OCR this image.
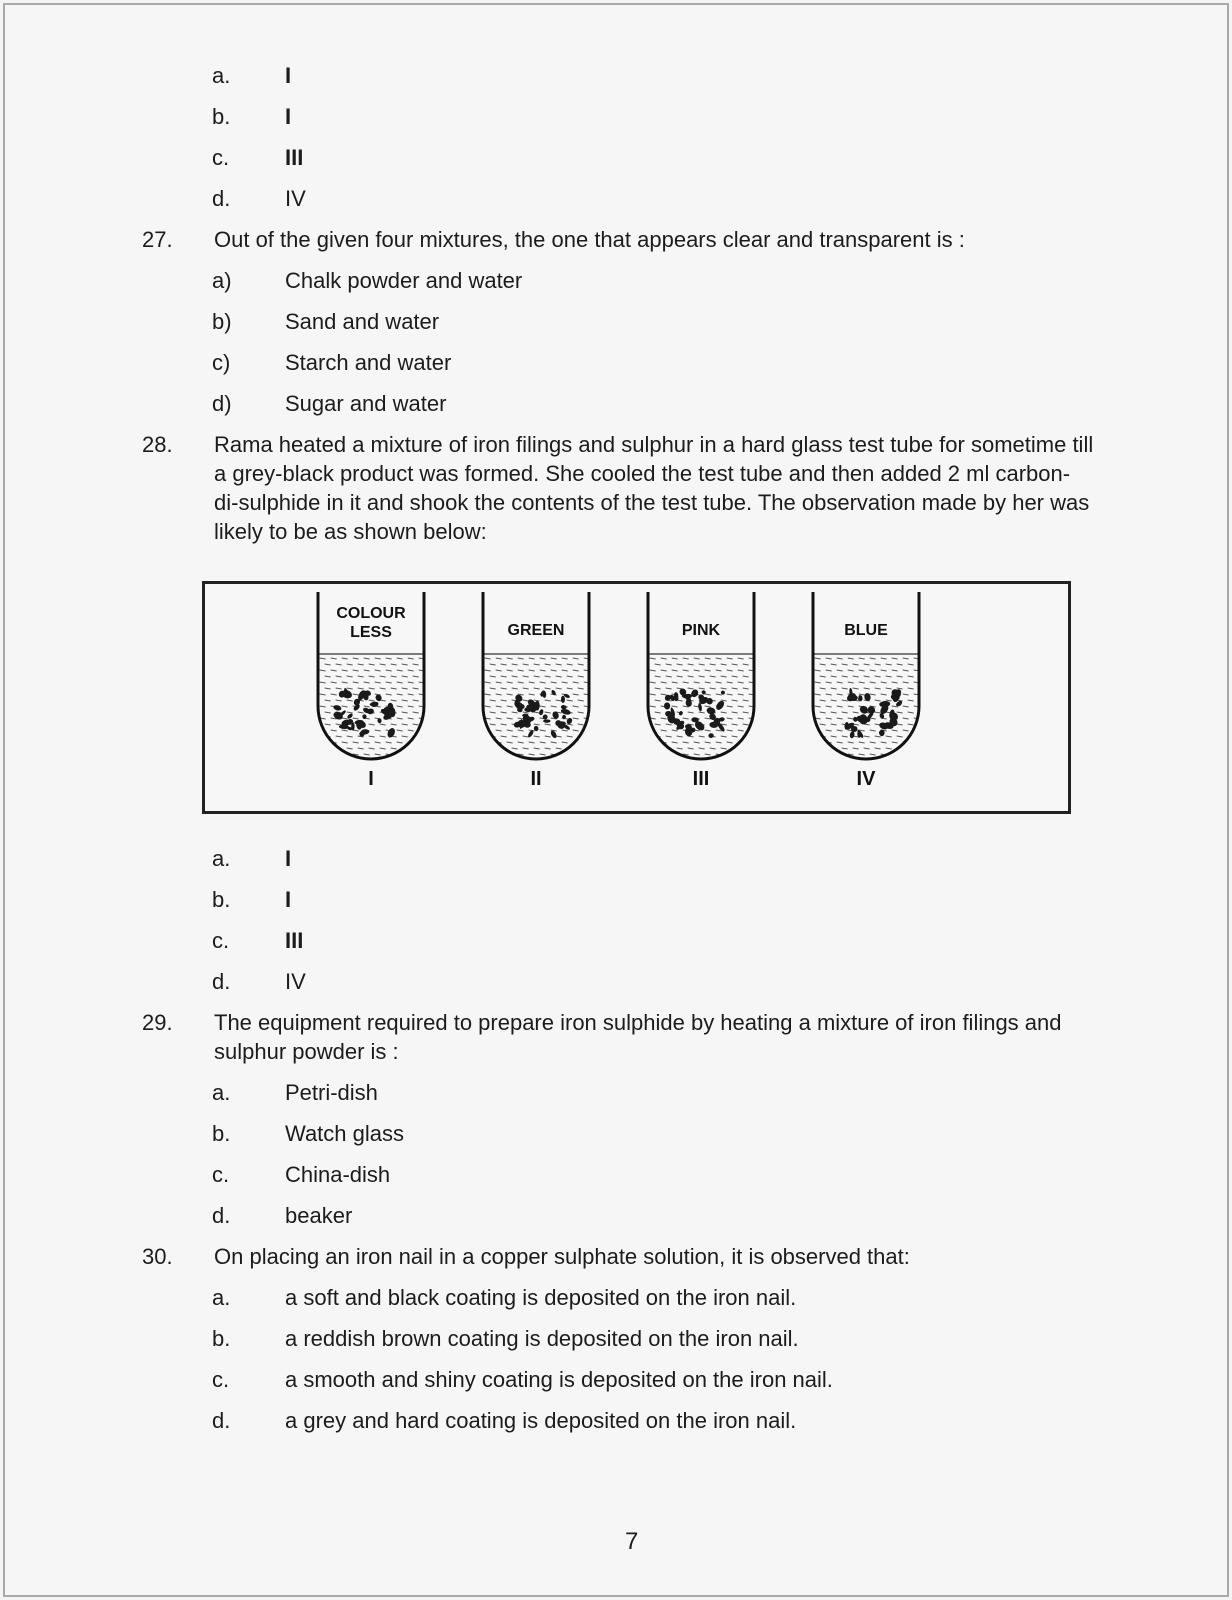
a. I
b. I
c.	III
d. IV
27. Out of the given four mixtures, the one that appears clear and transparent is :
a) Chalk powder and water
b) Sand and water
c) Starch and water
d) Sugar and water
28. Rama heated a mixture of iron filings and sulphur in a hard glass test tube for sometime till
a grey-black product was formed. She cooled the test tube and then added 2 ml carbon-
di-sulphide in it and shook the contents of the test tube. The observation made by her was
likely to be as shown below:
COLOUR
LESS
I
GREEN
II
PINK
III
BLUE
IV
a. I
b. I
c.	III
d. IV
29. The equipment required to prepare iron sulphide by heating a mixture of iron filings and
sulphur powder is :
a. Petri-dish
b. Watch glass
c.	China-dish
d. beaker
30. On placing an iron nail in a copper sulphate solution, it is observed that:
a. a soft and black coating is deposited on the iron nail.
b. a reddish brown coating is deposited on the iron nail.
c.	a smooth and shiny coating is deposited on the iron nail.
d. a grey and hard coating is deposited on the iron nail.
7
